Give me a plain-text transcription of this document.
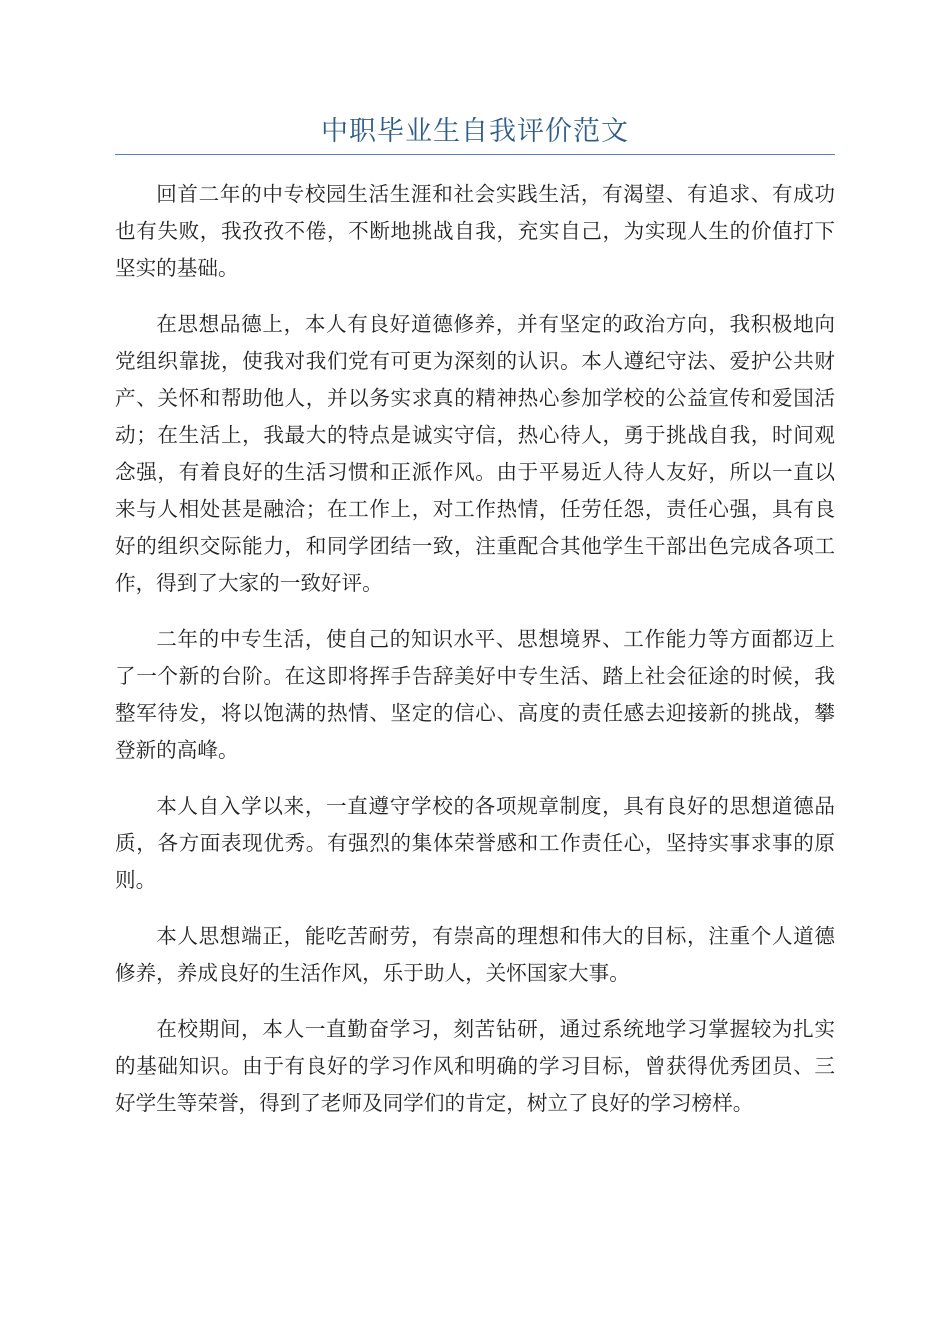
中职毕业生自我评价范文

回首二年的中专校园生活生涯和社会实践生活，有渴望、有追求、有成功也有失败，我孜孜不倦，不断地挑战自我，充实自己，为实现人生的价值打下坚实的基础。

在思想品德上，本人有良好道德修养，并有坚定的政治方向，我积极地向党组织靠拢，使我对我们党有可更为深刻的认识。本人遵纪守法、爱护公共财产、关怀和帮助他人，并以务实求真的精神热心参加学校的公益宣传和爱国活动；在生活上，我最大的特点是诚实守信，热心待人，勇于挑战自我，时间观念强，有着良好的生活习惯和正派作风。由于平易近人待人友好，所以一直以来与人相处甚是融洽；在工作上，对工作热情，任劳任怨，责任心强，具有良好的组织交际能力，和同学团结一致，注重配合其他学生干部出色完成各项工作，得到了大家的一致好评。

二年的中专生活，使自己的知识水平、思想境界、工作能力等方面都迈上了一个新的台阶。在这即将挥手告辞美好中专生活、踏上社会征途的时候，我整军待发，将以饱满的热情、坚定的信心、高度的责任感去迎接新的挑战，攀登新的高峰。

本人自入学以来，一直遵守学校的各项规章制度，具有良好的思想道德品质，各方面表现优秀。有强烈的集体荣誉感和工作责任心，坚持实事求事的原则。

本人思想端正，能吃苦耐劳，有崇高的理想和伟大的目标，注重个人道德修养，养成良好的生活作风，乐于助人，关怀国家大事。

在校期间，本人一直勤奋学习，刻苦钻研，通过系统地学习掌握较为扎实的基础知识。由于有良好的学习作风和明确的学习目标，曾获得优秀团员、三好学生等荣誉，得到了老师及同学们的肯定，树立了良好的学习榜样。
